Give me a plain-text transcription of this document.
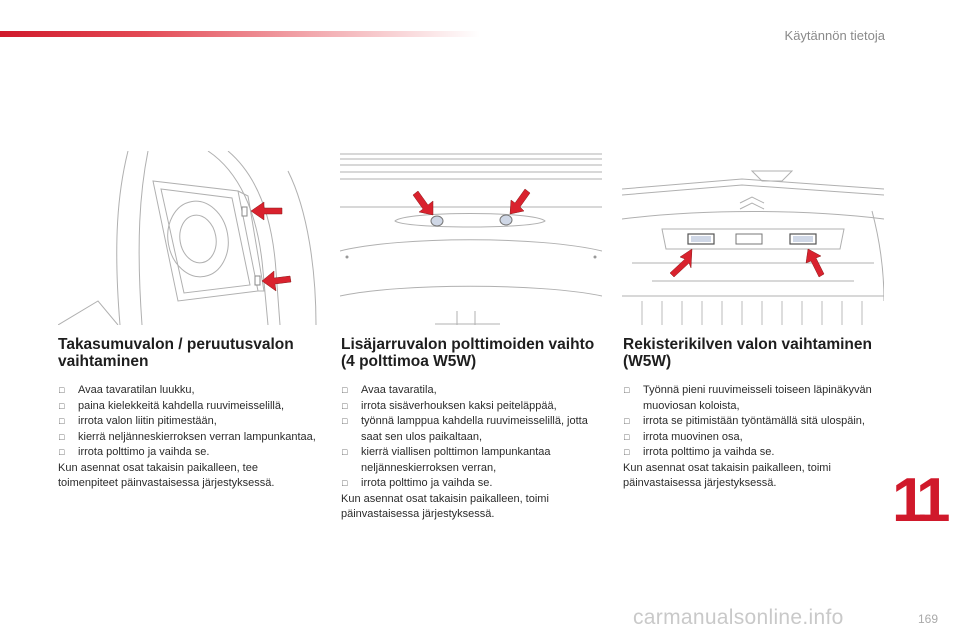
Käytännön tietoja
Takasumuvalon / peruutusvalon vaihtaminen
□ Avaa tavaratilan luukku,
□ paina kielekkeitä kahdella ruuvimeisselillä,
□ irrota valon liitin pitimestään,
□ kierrä neljänneskierroksen verran lampunkantaa,
□ irrota polttimo ja vaihda se.

Kun asennat osat takaisin paikalleen, tee toimenpiteet päinvastaisessa järjestyksessä.

Lisäjarruvalon polttimoiden vaihto (4 polttimoa W5W)
□ Avaa tavaratila,
□ irrota sisäverhouksen kaksi peiteläppää,
□ työnnä lamppua kahdella ruuvimeisselillä, jotta saat sen ulos paikaltaan,
□ kierrä viallisen polttimon lampunkantaa neljänneskierroksen verran,
□ irrota polttimo ja vaihda se.

Kun asennat osat takaisin paikalleen, toimi päinvastaisessa järjestyksessä.

Rekisterikilven valon vaihtaminen (W5W)
□ Työnnä pieni ruuvimeisseli toiseen läpinäkyvän muoviosan koloista,
□ irrota se pitimistään työntämällä sitä ulospäin,
□ irrota muovinen osa,
□ irrota polttimo ja vaihda se.

Kun asennat osat takaisin paikalleen, toimi päinvastaisessa järjestyksessä.	11
169
carmanualsonline.info
